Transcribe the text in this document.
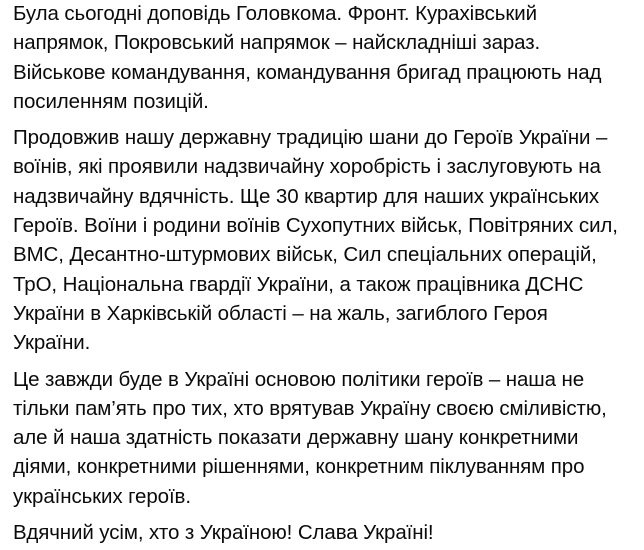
Була сьогодні доповідь Головкома. Фронт. Курахівський
напрямок, Покровський напрямок – найскладніші зараз.
Військове командування, командування бригад працюють над
посиленням позицій.
Продовжив нашу державну традицію шани до Героїв України –
воїнів, які проявили надзвичайну хоробрість і заслуговують на
надзвичайну вдячність. Ще 30 квартир для наших українських
Героїв. Воїни і родини воїнів Сухопутних військ, Повітряних сил,
ВМС, Десантно-штурмових військ, Сил спеціальних операцій,
ТрО, Національна гвардії України, а також працівника ДСНС
України в Харківській області – на жаль, загиблого Героя
України.
Це завжди буде в Україні основою політики героїв – наша не
тільки пам’ять про тих, хто врятував Україну своєю сміливістю,
але й наша здатність показати державну шану конкретними
діями, конкретними рішеннями, конкретним піклуванням про
українських героїв.
Вдячний усім, хто з Україною! Слава Україні!
